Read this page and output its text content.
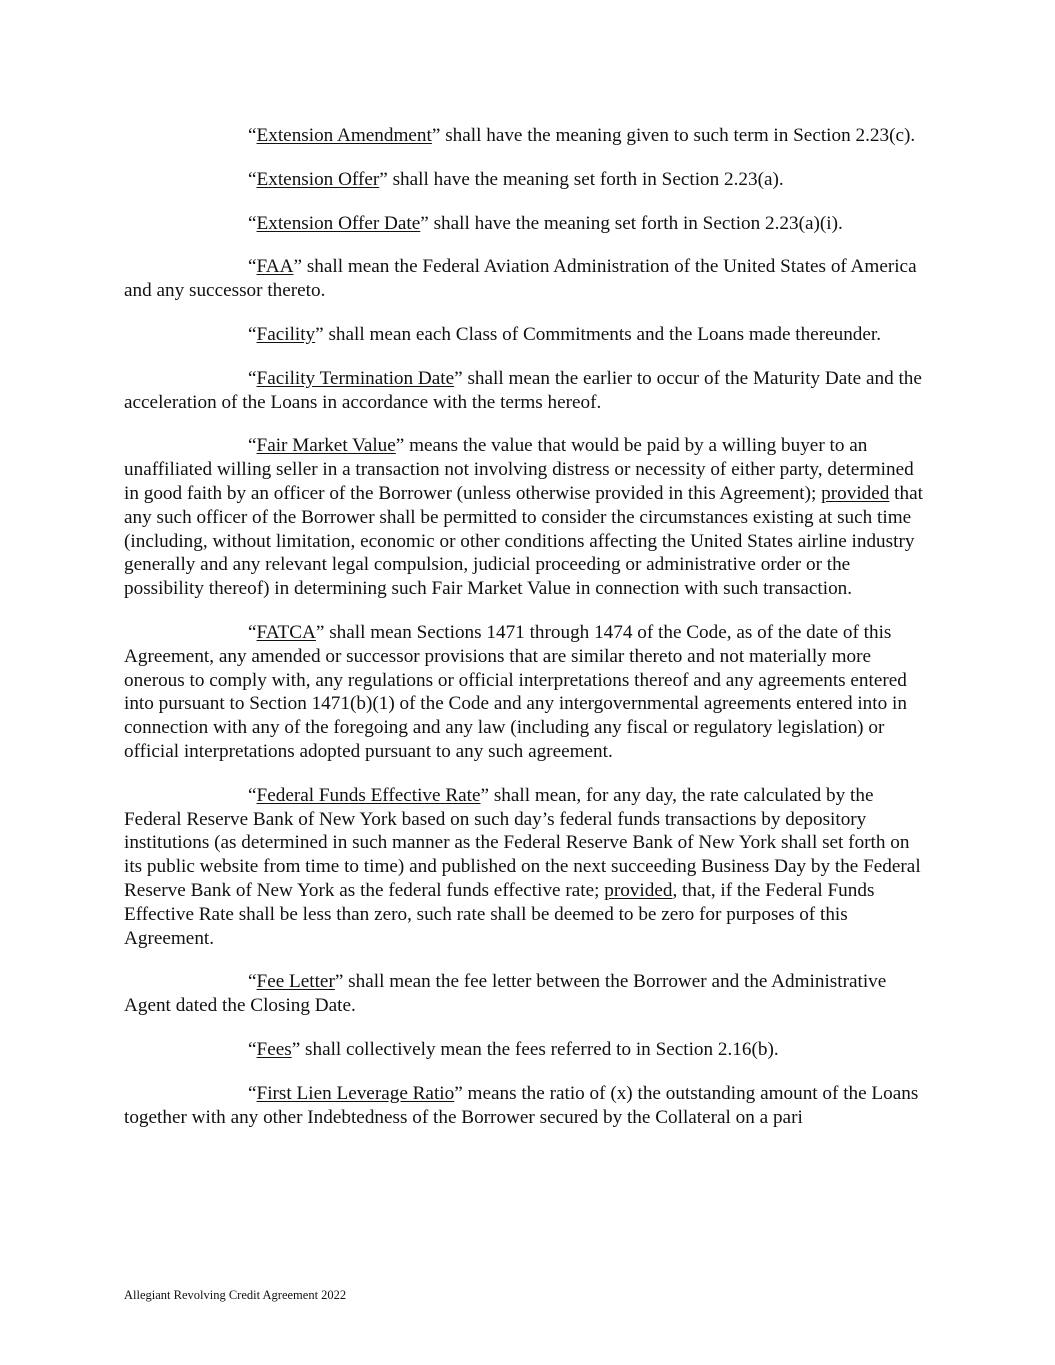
“Extension Amendment” shall have the meaning given to such term in Section 2.23(c).

“Extension Offer” shall have the meaning set forth in Section 2.23(a).

“Extension Offer Date” shall have the meaning set forth in Section 2.23(a)(i).

“FAA” shall mean the Federal Aviation Administration of the United States of America and any successor thereto.

“Facility” shall mean each Class of Commitments and the Loans made thereunder.

“Facility Termination Date” shall mean the earlier to occur of the Maturity Date and the acceleration of the Loans in accordance with the terms hereof.

“Fair Market Value” means the value that would be paid by a willing buyer to an unaffiliated willing seller in a transaction not involving distress or necessity of either party, determined in good faith by an officer of the Borrower (unless otherwise provided in this Agreement); provided that any such officer of the Borrower shall be permitted to consider the circumstances existing at such time (including, without limitation, economic or other conditions affecting the United States airline industry generally and any relevant legal compulsion, judicial proceeding or administrative order or the possibility thereof) in determining such Fair Market Value in connection with such transaction.

“FATCA” shall mean Sections 1471 through 1474 of the Code, as of the date of this Agreement, any amended or successor provisions that are similar thereto and not materially more onerous to comply with, any regulations or official interpretations thereof and any agreements entered into pursuant to Section 1471(b)(1) of the Code and any intergovernmental agreements entered into in connection with any of the foregoing and any law (including any fiscal or regulatory legislation) or official interpretations adopted pursuant to any such agreement.

“Federal Funds Effective Rate” shall mean, for any day, the rate calculated by the Federal Reserve Bank of New York based on such day’s federal funds transactions by depository institutions (as determined in such manner as the Federal Reserve Bank of New York shall set forth on its public website from time to time) and published on the next succeeding Business Day by the Federal Reserve Bank of New York as the federal funds effective rate; provided, that, if the Federal Funds Effective Rate shall be less than zero, such rate shall be deemed to be zero for purposes of this Agreement.

“Fee Letter” shall mean the fee letter between the Borrower and the Administrative Agent dated the Closing Date.

“Fees” shall collectively mean the fees referred to in Section 2.16(b).

“First Lien Leverage Ratio” means the ratio of (x) the outstanding amount of the Loans together with any other Indebtedness of the Borrower secured by the Collateral on a pari

Allegiant Revolving Credit Agreement 2022
